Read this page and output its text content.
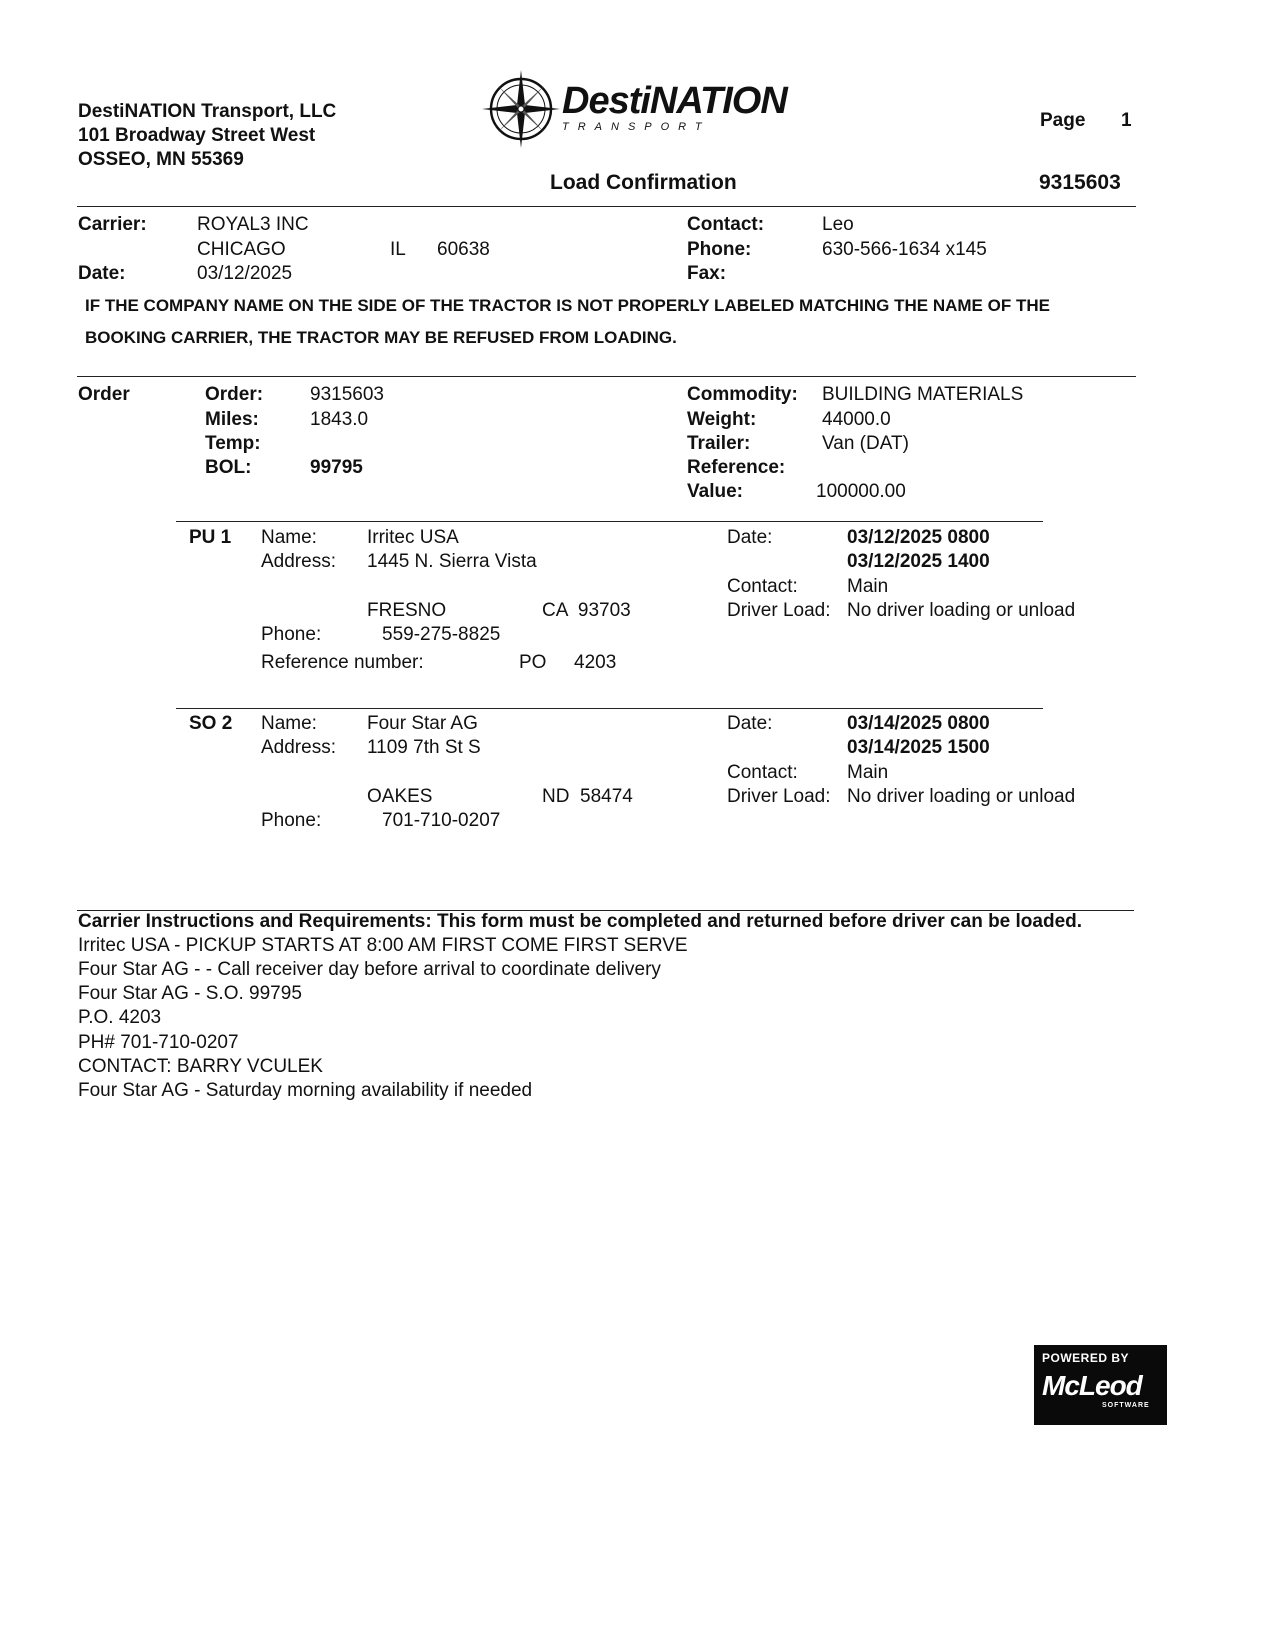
DestiNATION Transport, LLC
101 Broadway Street West
OSSEO, MN 55369
DestiNATION
TRANSPORT	Page 1
Load Confirmation	9315603
Carrier:	ROYAL3 INC
CHICAGO	IL 60638
Date:	03/12/2025
Contact:	Leo
Phone:	630-566-1634 x145
Fax:
IF THE COMPANY NAME ON THE SIDE OF THE TRACTOR IS NOT PROPERLY LABELED MATCHING THE NAME OF THE
BOOKING CARRIER, THE TRACTOR MAY BE REFUSED FROM LOADING.
Order	Order: 9315603
Miles:	1843.0
Temp:
BOL:	99795
Commodity: BUILDING MATERIALS
Weight:	44000.0
Trailer:	Van (DAT)
Reference:
Value:	100000.00
PU 1 Name:	Irritec USA
Address: 1445 N. Sierra Vista
FRESNO	CA  93703
Phone:	559-275-8825
Reference number:	PO 4203
Date:	03/12/2025 0800
03/12/2025 1400
Contact:	Main
Driver Load: No driver loading or unload
SO 2 Name:	Four Star AG
Address: 1109 7th St S
OAKES	ND  58474
Phone:	701-710-0207
Date:	03/14/2025 0800
03/14/2025 1500
Contact:	Main
Driver Load: No driver loading or unload
Carrier Instructions and Requirements: This form must be completed and returned before driver can be loaded.
Irritec USA - PICKUP STARTS AT 8:00 AM FIRST COME FIRST SERVE
Four Star AG - - Call receiver day before arrival to coordinate delivery
Four Star AG - S.O. 99795
P.O. 4203
PH# 701-710-0207
CONTACT: BARRY VCULEK
Four Star AG - Saturday morning availability if needed
POWERED BY
McLeod
SOFTWARE
